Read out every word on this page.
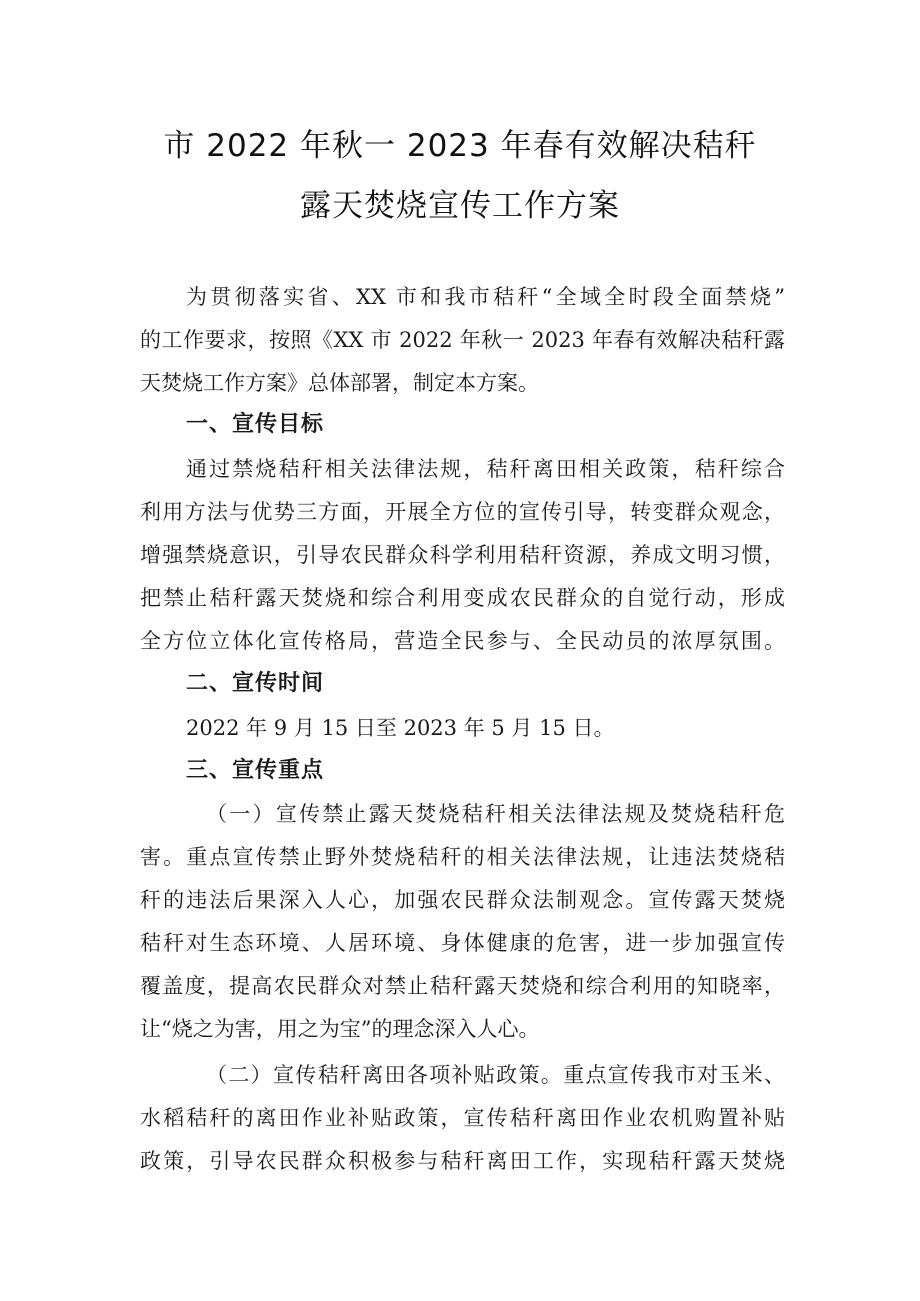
市 2022 年秋一 2023 年春有效解决秸秆
露天焚烧宣传工作方案
为贯彻落实省、XX 市和我市秸秆“全域全时段全面禁烧”
的工作要求，按照《XX 市 2022 年秋一 2023 年春有效解决秸秆露
天焚烧工作方案》总体部署，制定本方案。
一、宣传目标
通过禁烧秸秆相关法律法规，秸秆离田相关政策，秸秆综合
利用方法与优势三方面，开展全方位的宣传引导，转变群众观念，
增强禁烧意识，引导农民群众科学利用秸秆资源，养成文明习惯，
把禁止秸秆露天焚烧和综合利用变成农民群众的自觉行动，形成
全方位立体化宣传格局，营造全民参与、全民动员的浓厚氛围。
二、宣传时间
2022 年 9 月 15 日至 2023 年 5 月 15 日。
三、宣传重点
（一）宣传禁止露天焚烧秸秆相关法律法规及焚烧秸秆危
害。重点宣传禁止野外焚烧秸秆的相关法律法规，让违法焚烧秸
秆的违法后果深入人心，加强农民群众法制观念。宣传露天焚烧
秸秆对生态环境、人居环境、身体健康的危害，进一步加强宣传
覆盖度，提高农民群众对禁止秸秆露天焚烧和综合利用的知晓率，
让“烧之为害，用之为宝”的理念深入人心。
（二）宣传秸秆离田各项补贴政策。重点宣传我市对玉米、
水稻秸秆的离田作业补贴政策，宣传秸秆离田作业农机购置补贴
政策，引导农民群众积极参与秸秆离田工作，实现秸秆露天焚烧
